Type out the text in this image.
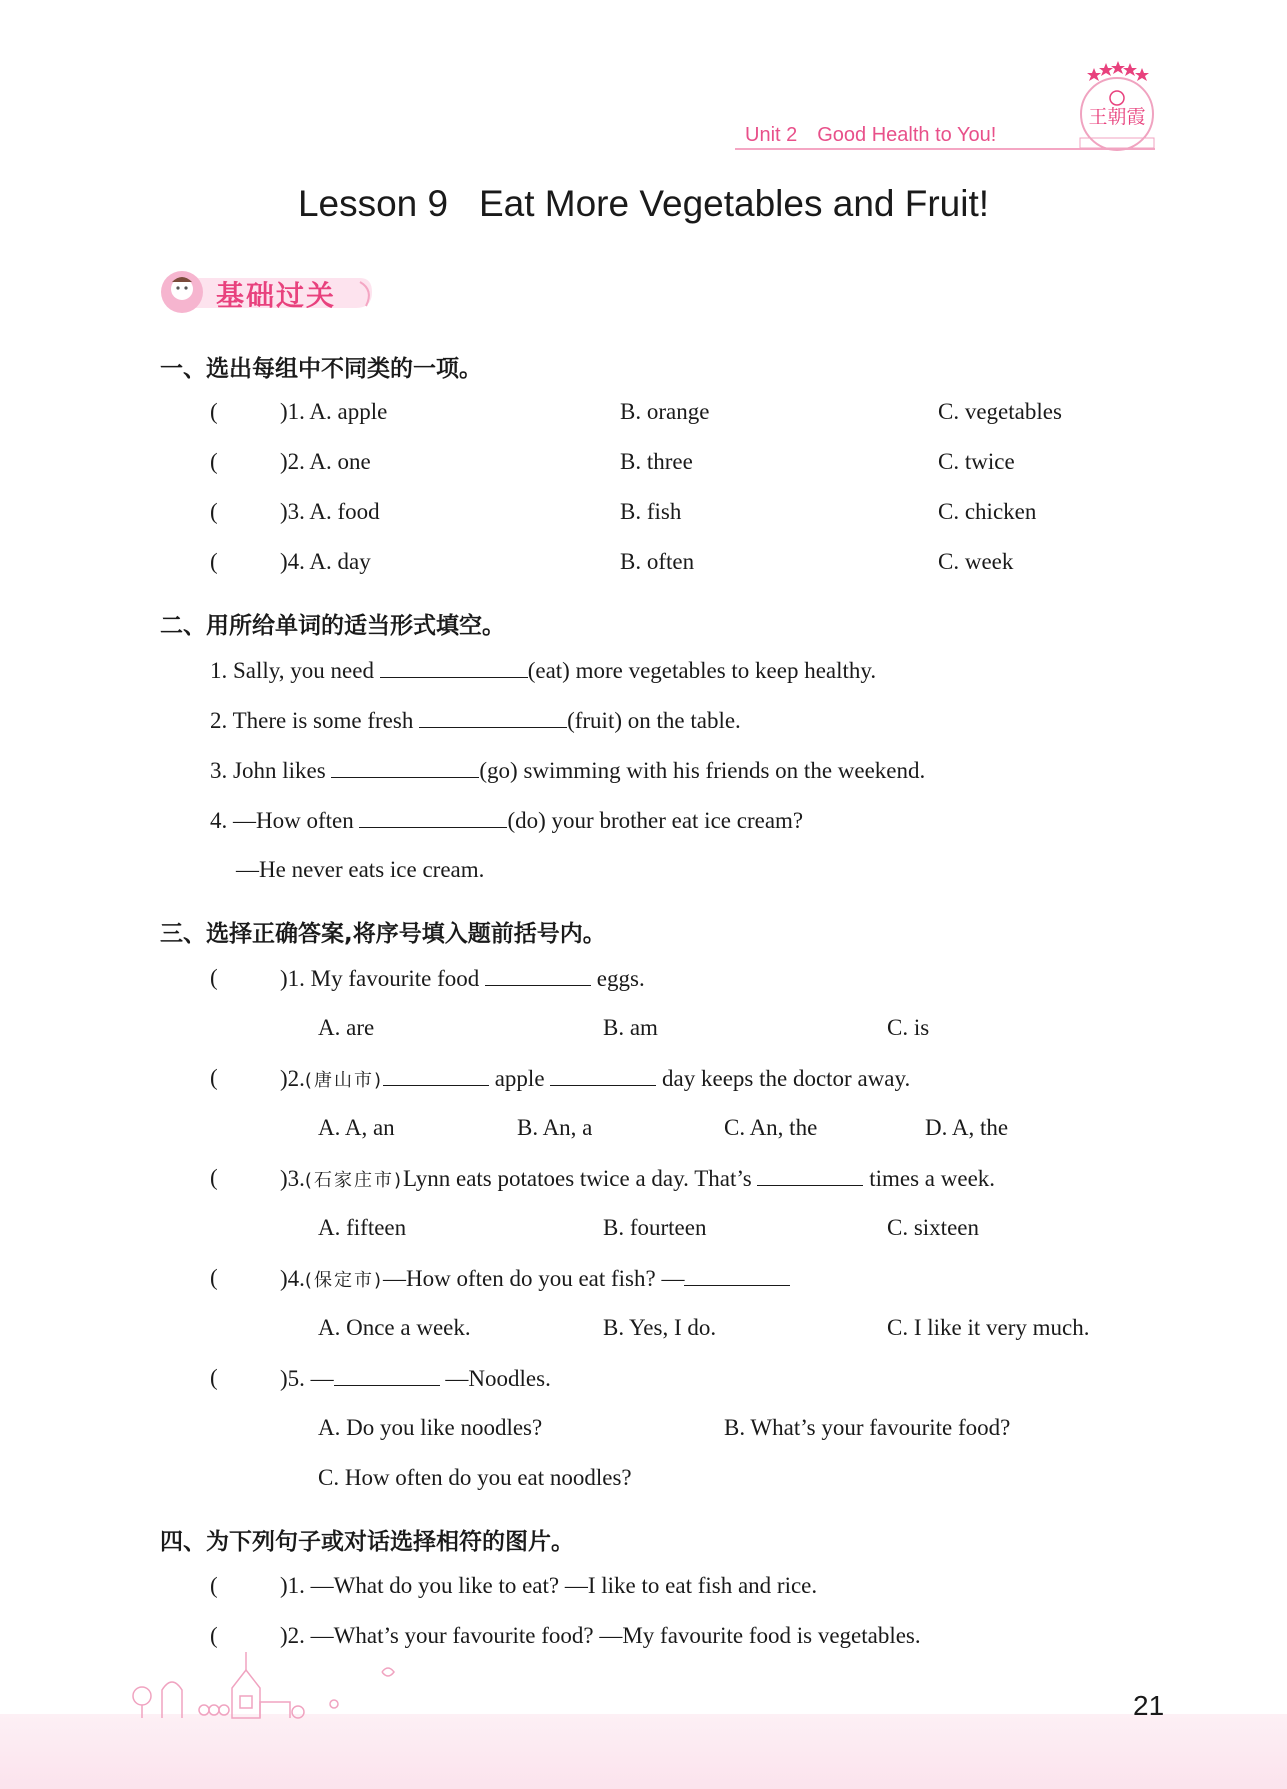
Unit 2 Good Health to You!
王朝霞
Lesson 9   Eat More Vegetables and Fruit!
基础过关
一、选出每组中不同类的一项。
(	)1. A. apple	B. orange	C. vegetables
(	)2. A. one	B. three	C. twice
(	)3. A. food	B. fish	C. chicken
(	)4. A. day	B. often	C. week
二、用所给单词的适当形式填空。
1. Sally, you need	(eat) more vegetables to keep healthy.
2. There is some fresh	(fruit) on the table.
3. John likes	(go) swimming with his friends on the weekend.
4. —How often	(do) your brother eat ice cream?
—He never eats ice cream.
三、选择正确答案,将序号填入题前括号内。
(	)1. My favourite food	eggs.
A. are	B. am	C. is
(	)2.(唐山市)	apple	day keeps the doctor away.
A. A, an	B. An, a	C. An, the	D. A, the
(	)3.(石家庄市)Lynn eats potatoes twice a day. That’s	times a week.
A. fifteen	B. fourteen	C. sixteen
(	)4.(保定市)—How often do you eat fish? —
A. Once a week.	B. Yes, I do.	C. I like it very much.
(	)5. —	—Noodles.
A. Do you like noodles?	B. What’s your favourite food?
C. How often do you eat noodles?
四、为下列句子或对话选择相符的图片。
(	)1. —What do you like to eat? —I like to eat fish and rice.
(	)2. —What’s your favourite food? —My favourite food is vegetables.
21
